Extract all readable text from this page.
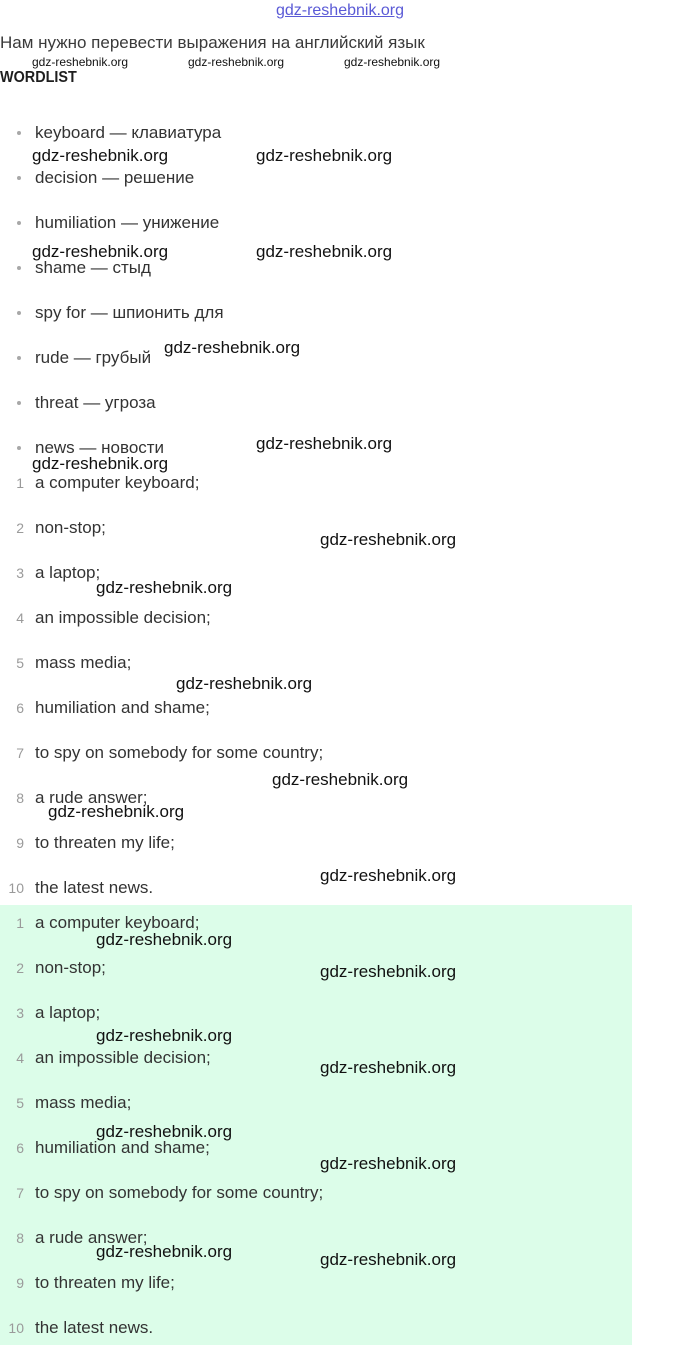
gdz-reshebnik.org
Нам нужно перевести выражения на английский язык
gdz-reshebnik.org	gdz-reshebnik.org	gdz-reshebnik.org
WORDLIST
keyboard — клавиатура
decision — решение
humiliation — унижение
shame — стыд
spy for — шпионить для
rude — грубый
threat — угроза
news — новости
1 a computer keyboard;
2 non-stop;
3 a laptop;
4 an impossible decision;
5 mass media;
6 humiliation and shame;
7 to spy on somebody for some country;
8 a rude answer;
9 to threaten my life;
10 the latest news.
1 a computer keyboard;
2 non-stop;
3 a laptop;
4 an impossible decision;
5 mass media;
6 humiliation and shame;
7 to spy on somebody for some country;
8 a rude answer;
9 to threaten my life;
10 the latest news.
gdz-reshebnik.org	gdz-reshebnik.org
gdz-reshebnik.org	gdz-reshebnik.org
gdz-reshebnik.org
gdz-reshebnik.org
gdz-reshebnik.org
gdz-reshebnik.org
gdz-reshebnik.org
gdz-reshebnik.org
gdz-reshebnik.org
gdz-reshebnik.org
gdz-reshebnik.org
gdz-reshebnik.org
gdz-reshebnik.org
gdz-reshebnik.org
gdz-reshebnik.org
gdz-reshebnik.org
gdz-reshebnik.org
gdz-reshebnik.org	gdz-reshebnik.org
